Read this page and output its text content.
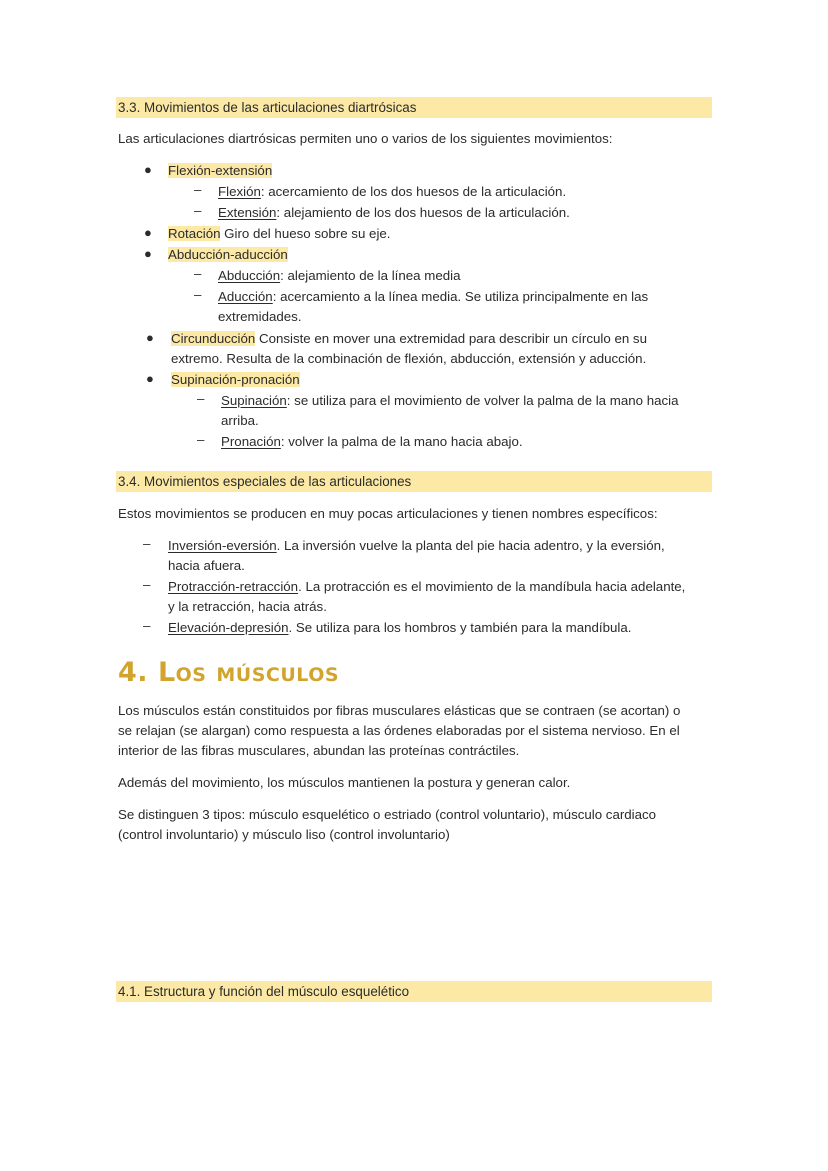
3.3. Movimientos de las articulaciones diartrósicas
Las articulaciones diartrósicas permiten uno o varios de los siguientes movimientos:
● Flexión-extensión
– Flexión: acercamiento de los dos huesos de la articulación.
– Extensión: alejamiento de los dos huesos de la articulación.
● Rotación Giro del hueso sobre su eje.
● Abducción-aducción
– Abducción: alejamiento de la línea media
– Aducción: acercamiento a la línea media. Se utiliza principalmente en las
extremidades.
● Circunducción Consiste en mover una extremidad para describir un círculo en su
extremo. Resulta de la combinación de flexión, abducción, extensión y aducción.
● Supinación-pronación
– Supinación: se utiliza para el movimiento de volver la palma de la mano hacia
arriba.
– Pronación: volver la palma de la mano hacia abajo.
3.4. Movimientos especiales de las articulaciones
Estos movimientos se producen en muy pocas articulaciones y tienen nombres específicos:
– Inversión-eversión. La inversión vuelve la planta del pie hacia adentro, y la eversión,
hacia afuera.
– Protracción-retracción. La protracción es el movimiento de la mandíbula hacia adelante,
y la retracción, hacia atrás.
– Elevación-depresión. Se utiliza para los hombros y también para la mandíbula.
4. Los músculos
Los músculos están constituidos por fibras musculares elásticas que se contraen (se acortan) o
se relajan (se alargan) como respuesta a las órdenes elaboradas por el sistema nervioso. En el
interior de las fibras musculares, abundan las proteínas contráctiles.
Además del movimiento, los músculos mantienen la postura y generan calor.
Se distinguen 3 tipos: músculo esquelético o estriado (control voluntario), músculo cardiaco
(control involuntario) y músculo liso (control involuntario)
4.1. Estructura y función del músculo esquelético
